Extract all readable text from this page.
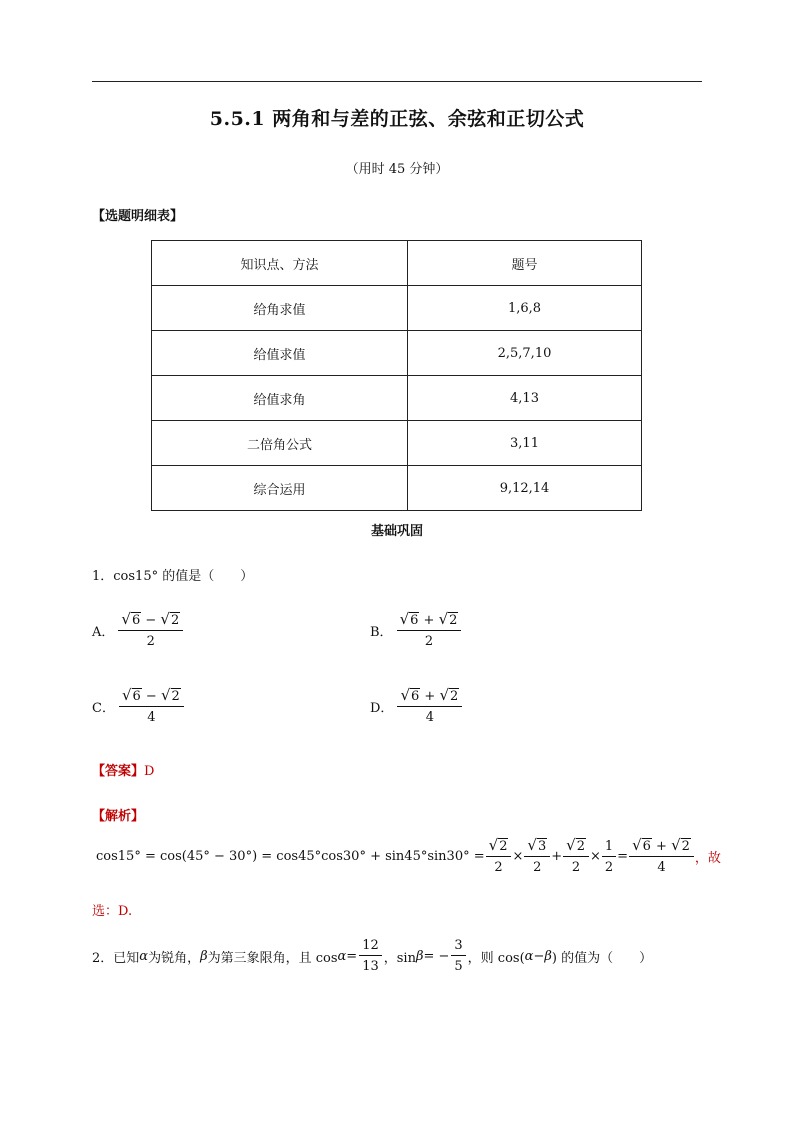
5.5.1 两角和与差的正弦、余弦和正切公式
（用时 45 分钟）
【选题明细表】
知识点、方法	题号
给角求值	1,6,8
给值求值	2,5,7,10
给值求角	4,13
二倍角公式	3,11
综合运用	9,12,14
基础巩固
1．cos15° 的值是（　　）
A． $\frac{√ 6 - √ 2}{2}$	B． $\frac{√ 6 + √ 2}{2}$
C． $\frac{√ 6 - √ 2}{4}$	D． $\frac{√ 6 + √ 2}{4}$
【答案】D
【解析】
$\cos 15^\circ = \cos(45^\circ - 30^\circ) = \cos 45^\circ\cos 30^\circ + \sin 45^\circ\sin 30^\circ = \frac{√ 2}{2} \times \frac{√ 3}{2} + \frac{√ 2}{2} \times \frac{1}{2} = \frac{√ 6 + √ 2}{4}$ ，故
选：D.
2．已知 α 为锐角， β 为第三象限角，且 $\cos \alpha = \frac{12}{13}$ ，sin β = − $\frac{3}{5}$ ，则 cos( α − β ) 的值为（　　）
